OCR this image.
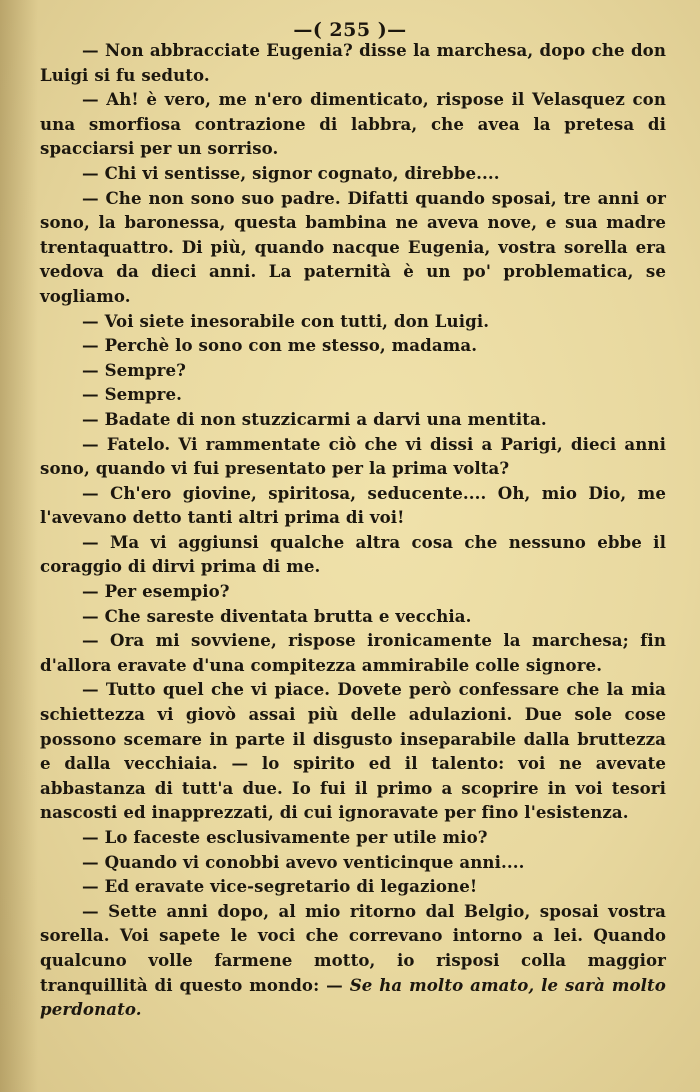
—( 255 )—

— Non abbracciate Eugenia? disse la marchesa, dopo che don Luigi si fu seduto.

— Ah! è vero, me n'ero dimenticato, rispose il Velasquez con una smorfiosa contrazione di labbra, che avea la pretesa di spacciarsi per un sorriso.

— Chi vi sentisse, signor cognato, direbbe....

— Che non sono suo padre. Difatti quando sposai, tre anni or sono, la baronessa, questa bambina ne aveva nove, e sua madre trentaquattro. Di più, quando nacque Eugenia, vostra sorella era vedova da dieci anni. La paternità è un po' problematica, se vogliamo.

— Voi siete inesorabile con tutti, don Luigi.

— Perchè lo sono con me stesso, madama.

— Sempre?

— Sempre.

— Badate di non stuzzicarmi a darvi una mentita.

— Fatelo. Vi rammentate ciò che vi dissi a Parigi, dieci anni sono, quando vi fui presentato per la prima volta?

— Ch'ero giovine, spiritosa, seducente.... Oh, mio Dio, me l'avevano detto tanti altri prima di voi!

— Ma vi aggiunsi qualche altra cosa che nessuno ebbe il coraggio di dirvi prima di me.

— Per esempio?

— Che sareste diventata brutta e vecchia.

— Ora mi sovviene, rispose ironicamente la marchesa; fin d'allora eravate d'una compitezza ammirabile colle signore.

— Tutto quel che vi piace. Dovete però confessare che la mia schiettezza vi giovò assai più delle adulazioni. Due sole cose possono scemare in parte il disgusto inseparabile dalla bruttezza e dalla vecchiaia. — lo spirito ed il talento: voi ne avevate abbastanza di tutt'a due. Io fui il primo a scoprire in voi tesori nascosti ed inapprezzati, di cui ignoravate per fino l'esistenza.

— Lo faceste esclusivamente per utile mio?

— Quando vi conobbi avevo venticinque anni....

— Ed eravate vice-segretario di legazione!

— Sette anni dopo, al mio ritorno dal Belgio, sposai vostra sorella. Voi sapete le voci che correvano intorno a lei. Quando qualcuno volle farmene motto, io risposi colla maggior tranquillità di questo mondo: — Se ha molto amato, le sarà molto perdonato.
